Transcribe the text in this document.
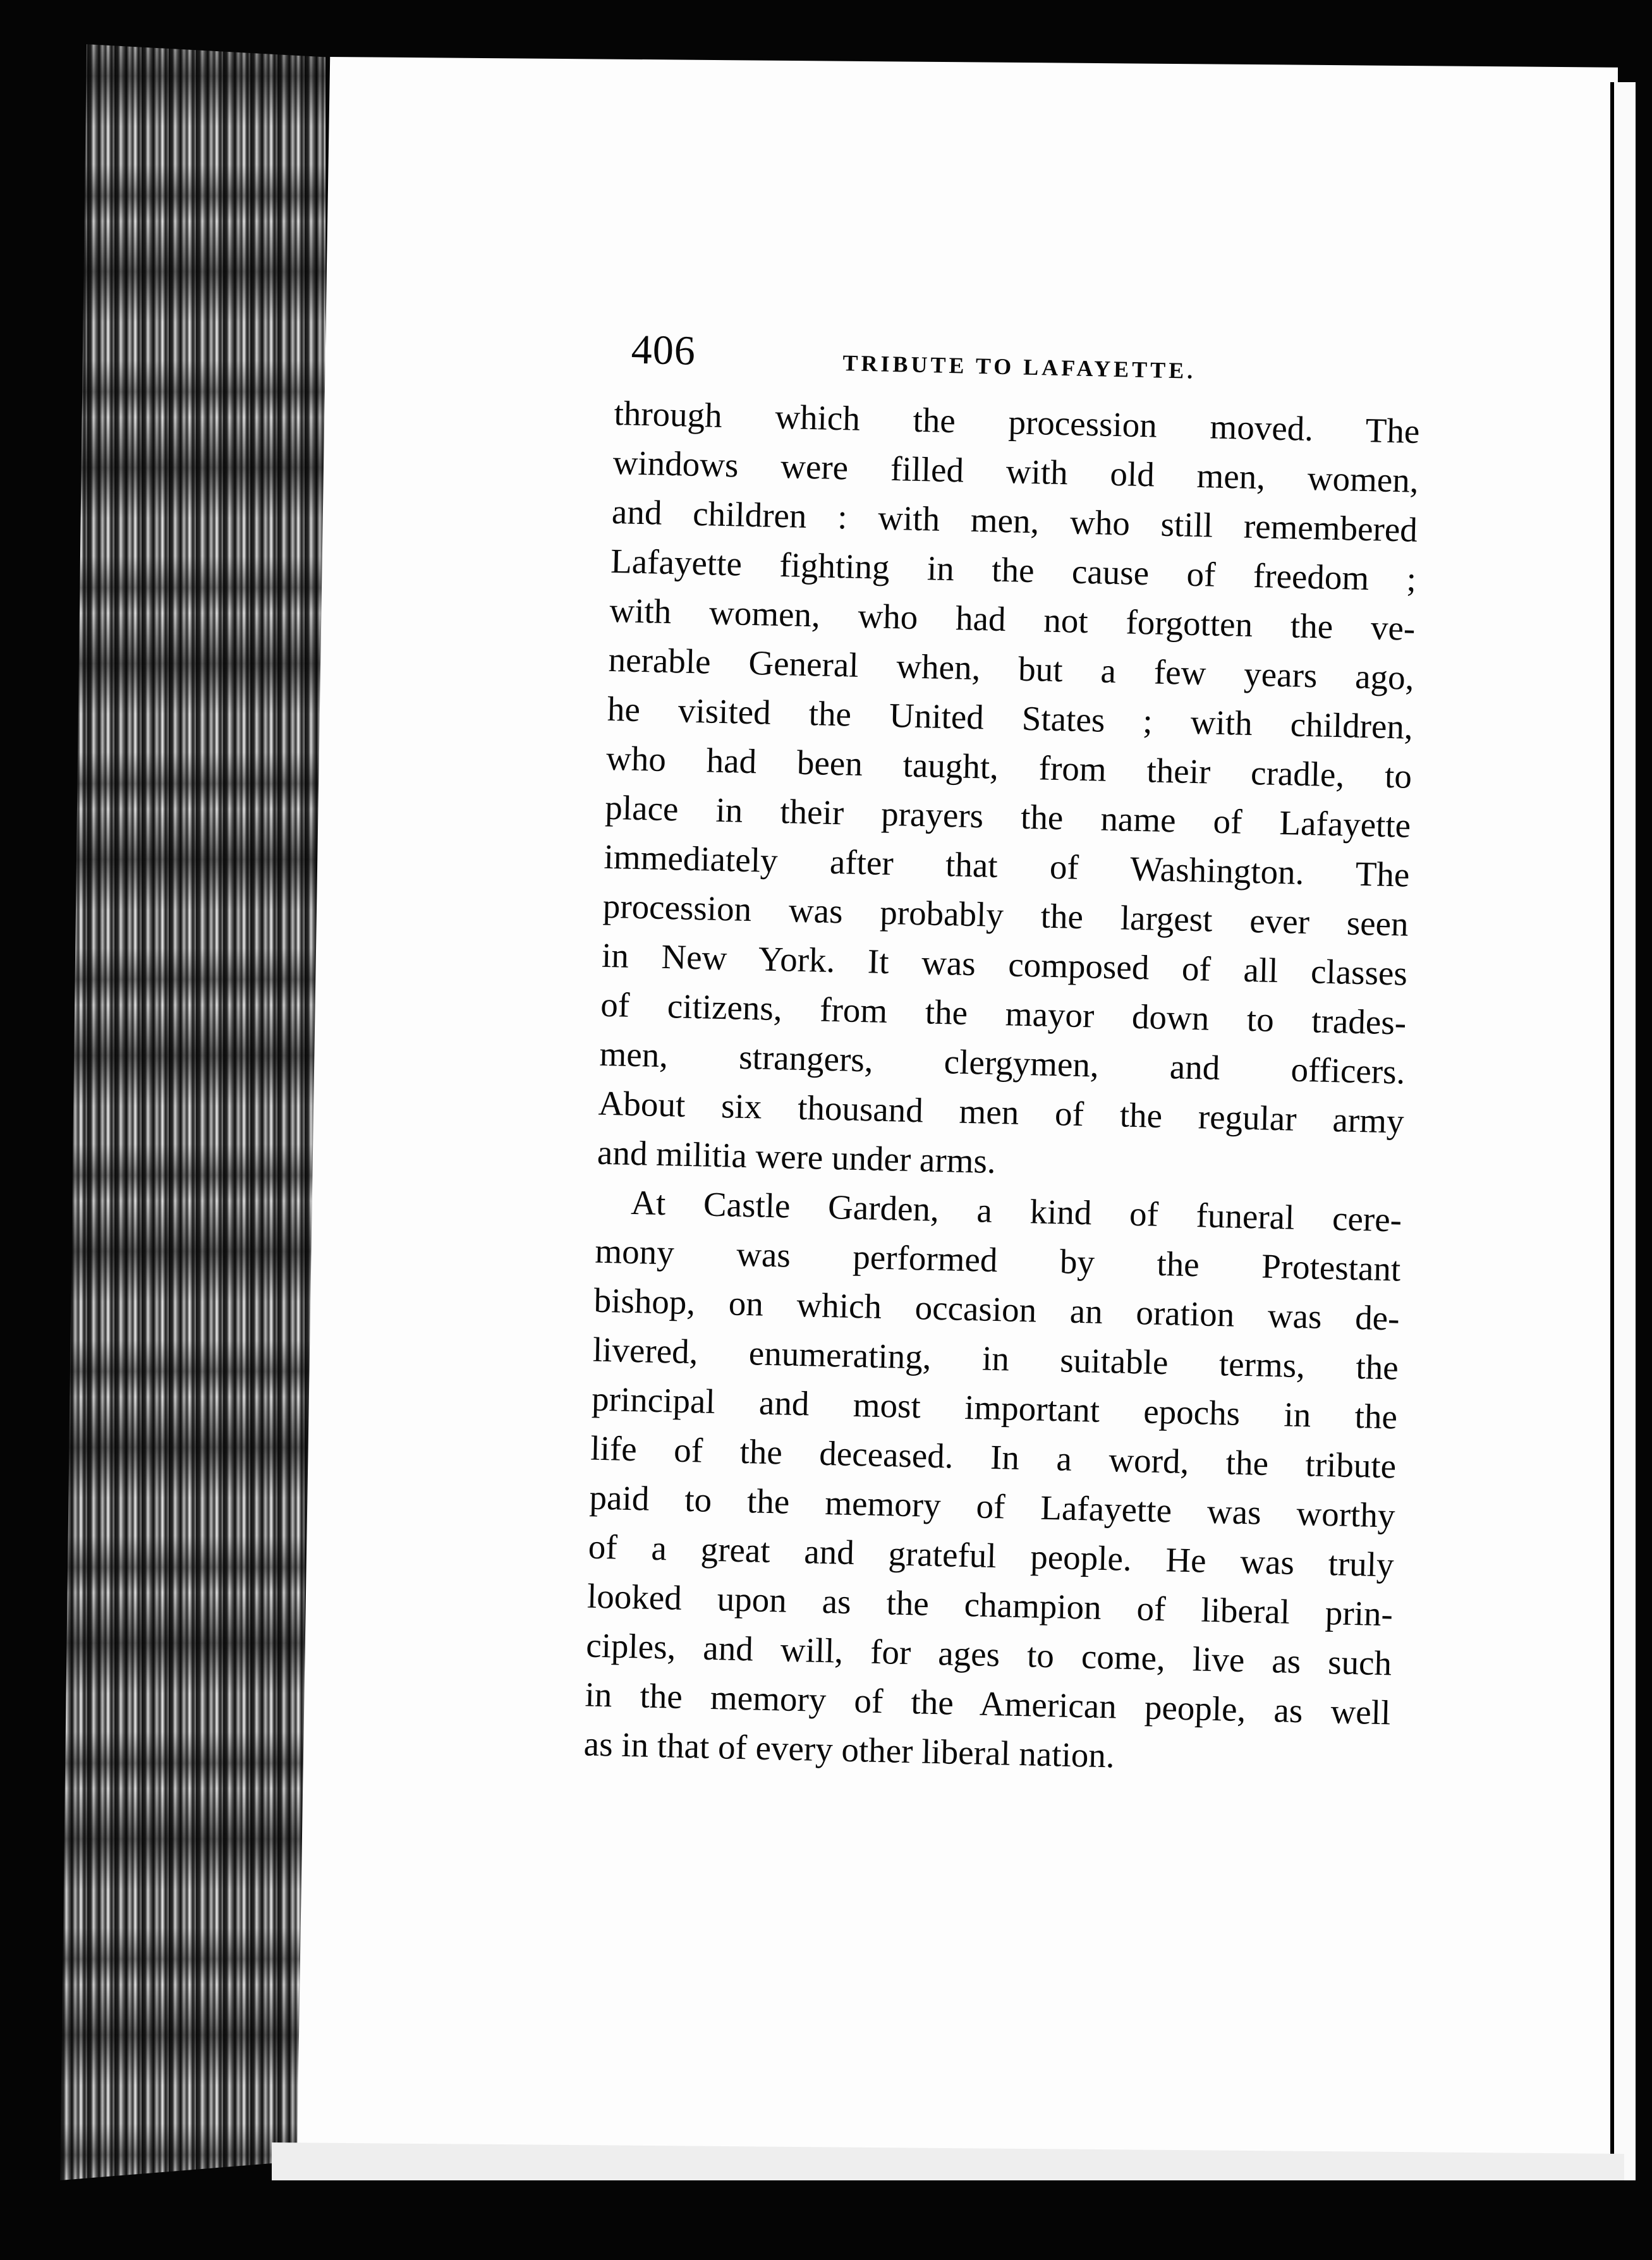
406	TRIBUTE TO LAFAYETTE.
through which the procession moved. The
windows were filled with old men, women,
and children : with men, who still remembered
Lafayette fighting in the cause of freedom ;
with women, who had not forgotten the ve-
nerable General when, but a few years ago,
he visited the United States ; with children,
who had been taught, from their cradle, to
place in their prayers the name of Lafayette
immediately after that of Washington. The
procession was probably the largest ever seen
in New York. It was composed of all classes
of citizens, from the mayor down to trades-
men, strangers, clergymen, and officers.
About six thousand men of the regular army
and militia were under arms.
At Castle Garden, a kind of funeral cere-
mony was performed by the Protestant
bishop, on which occasion an oration was de-
livered, enumerating, in suitable terms, the
principal and most important epochs in the
life of the deceased. In a word, the tribute
paid to the memory of Lafayette was worthy
of a great and grateful people. He was truly
looked upon as the champion of liberal prin-
ciples, and will, for ages to come, live as such
in the memory of the American people, as well
as in that of every other liberal nation.
